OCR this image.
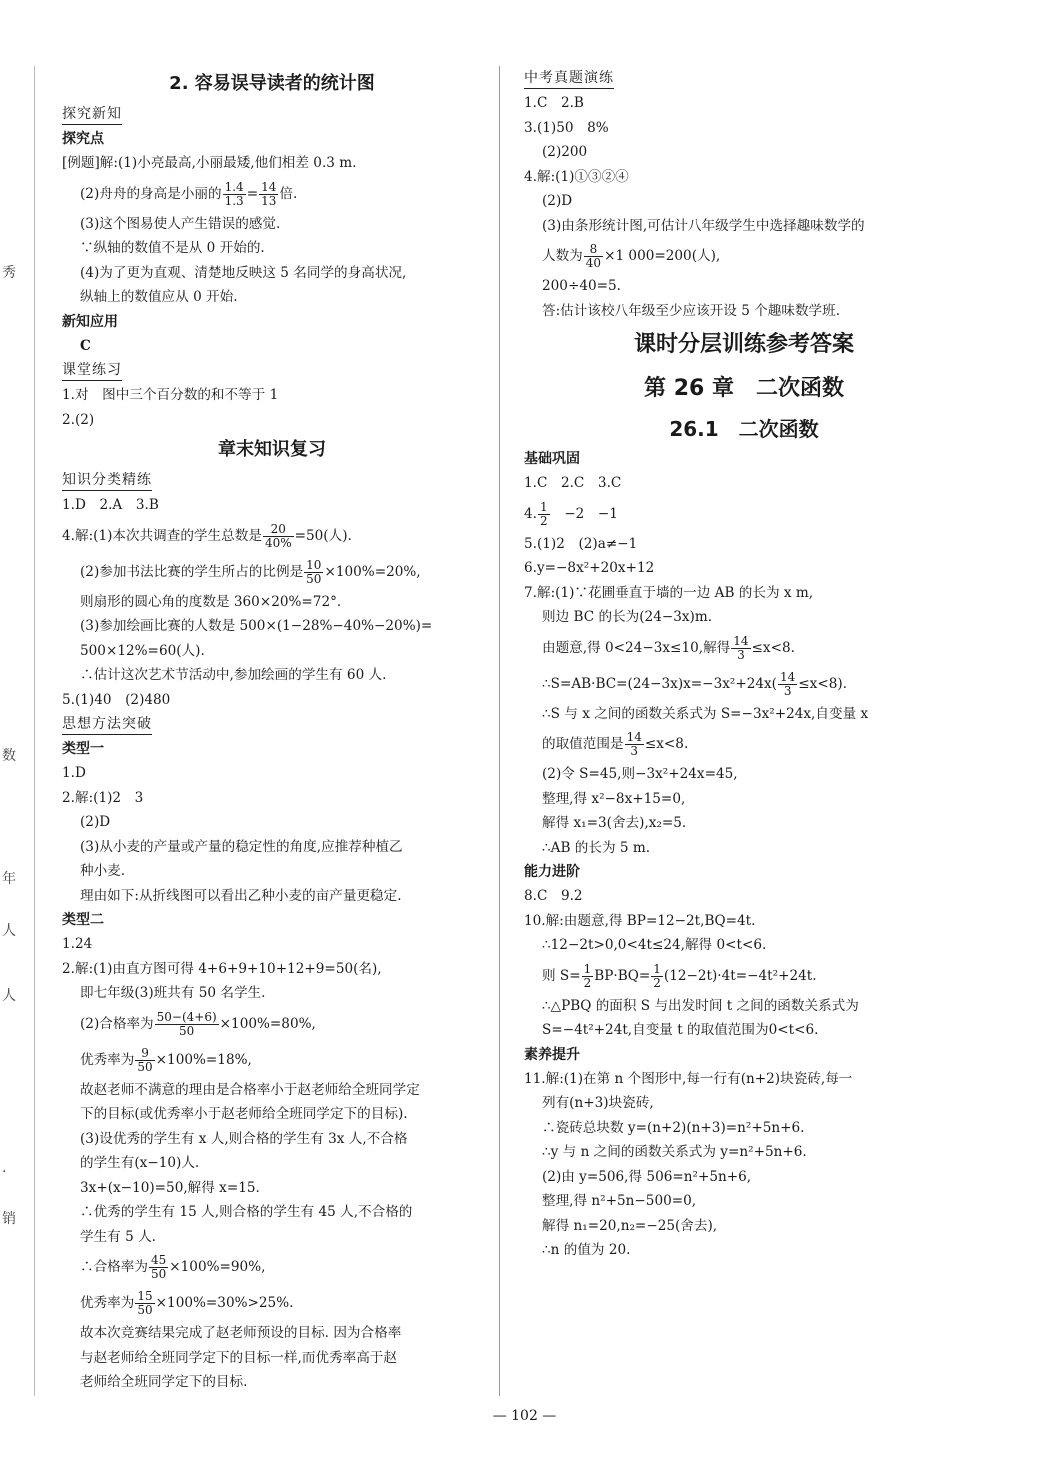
秀
数
年
人
人
.
销
2. 容易误导读者的统计图
探究新知
探究点
[例题]解:(1)小亮最高,小丽最矮,他们相差 0.3 m.
(2)舟舟的身高是小丽的 $\frac{1.4}{1.3} = \frac{14}{13}$ 倍.
(3)这个图易使人产生错误的感觉.
∵纵轴的数值不是从 0 开始的.
(4)为了更为直观、清楚地反映这 5 名同学的身高状况,
纵轴上的数值应从 0 开始.
新知应用
C
课堂练习
1.对　图中三个百分数的和不等于 1
2.(2)
章末知识复习
知识分类精练
1.D　2.A　3.B
4.解:(1)本次共调查的学生总数是 $\frac{20}{40\%} =50$(人).
(2)参加书法比赛的学生所占的比例是 $\frac{10}{50} \times 100\%=20\%$,
则扇形的圆心角的度数是 360×20%=72°.
(3)参加绘画比赛的人数是 500×(1−28%−40%−20%)=
500×12%=60(人).
∴估计这次艺术节活动中,参加绘画的学生有 60 人.
5.(1)40　(2)480
思想方法突破
类型一
1.D
2.解:(1)2　3
(2)D
(3)从小麦的产量或产量的稳定性的角度,应推荐种植乙
种小麦.
理由如下:从折线图可以看出乙种小麦的亩产量更稳定.
类型二
1.24
2.解:(1)由直方图可得 4+6+9+10+12+9=50(名),
即七年级(3)班共有 50 名学生.
(2)合格率为 $\frac{50-(4+6)}{50} \times 100\%=80\%$,
优秀率为 $\frac{9}{50} \times 100\%=18\%$,
故赵老师不满意的理由是合格率小于赵老师给全班同学定
下的目标(或优秀率小于赵老师给全班同学定下的目标).
(3)设优秀的学生有 x 人,则合格的学生有 3x 人,不合格
的学生有(x−10)人.
3x+(x−10)=50,解得 x=15.
∴优秀的学生有 15 人,则合格的学生有 45 人,不合格的
学生有 5 人.
∴合格率为 $\frac{45}{50} \times 100\%=90\%$,
优秀率为 $\frac{15}{50} \times 100\%=30\%>25\%$.
故本次竞赛结果完成了赵老师预设的目标. 因为合格率
与赵老师给全班同学定下的目标一样,而优秀率高于赵
老师给全班同学定下的目标.
中考真题演练
1.C　2.B
3.(1)50　8%
(2)200
4.解:(1)①③②④
(2)D
(3)由条形统计图,可估计八年级学生中选择趣味数学的
人数为 $\frac{8}{40} \times 1$ 000=200(人),
200÷40=5.
答:估计该校八年级至少应该开设 5 个趣味数学班.
课时分层训练参考答案
第 26 章　二次函数
26.1　二次函数
基础巩固
1.C　2.C　3.C
4. $\frac{1}{2}$ 　−2　−1
5.(1)2　(2)a≠−1
6.y=−8x²+20x+12
7.解:(1)∵花圃垂直于墙的一边 AB 的长为 x m,
则边 BC 的长为(24−3x)m.
由题意,得 0<24−3x≤10,解得 $\frac{14}{3} \le x<8$.
∴S=AB·BC=(24−3x)x=−3x²+24x( $\frac{14}{3} \le x<8$).
∴S 与 x 之间的函数关系式为 S=−3x²+24x,自变量 x
的取值范围是 $\frac{14}{3} \le x<8$.
(2)令 S=45,则−3x²+24x=45,
整理,得 x²−8x+15=0,
解得 x₁=3(舍去),x₂=5.
∴AB 的长为 5 m.
能力进阶
8.C　9.2
10.解:由题意,得 BP=12−2t,BQ=4t.
∴12−2t>0,0<4t≤24,解得 0<t<6.
则 $S= \frac{1}{2} BP\cdot BQ= \frac{1}{2} (12-2t)\cdot 4t=-4t^2+24t$.
∴△PBQ 的面积 S 与出发时间 t 之间的函数关系式为
S=−4t²+24t,自变量 t 的取值范围为0<t<6.
素养提升
11.解:(1)在第 n 个图形中,每一行有(n+2)块瓷砖,每一
列有(n+3)块瓷砖,
∴瓷砖总块数 y=(n+2)(n+3)=n²+5n+6.
∴y 与 n 之间的函数关系式为 y=n²+5n+6.
(2)由 y=506,得 506=n²+5n+6,
整理,得 n²+5n−500=0,
解得 n₁=20,n₂=−25(舍去),
∴n 的值为 20.
— 102 —
